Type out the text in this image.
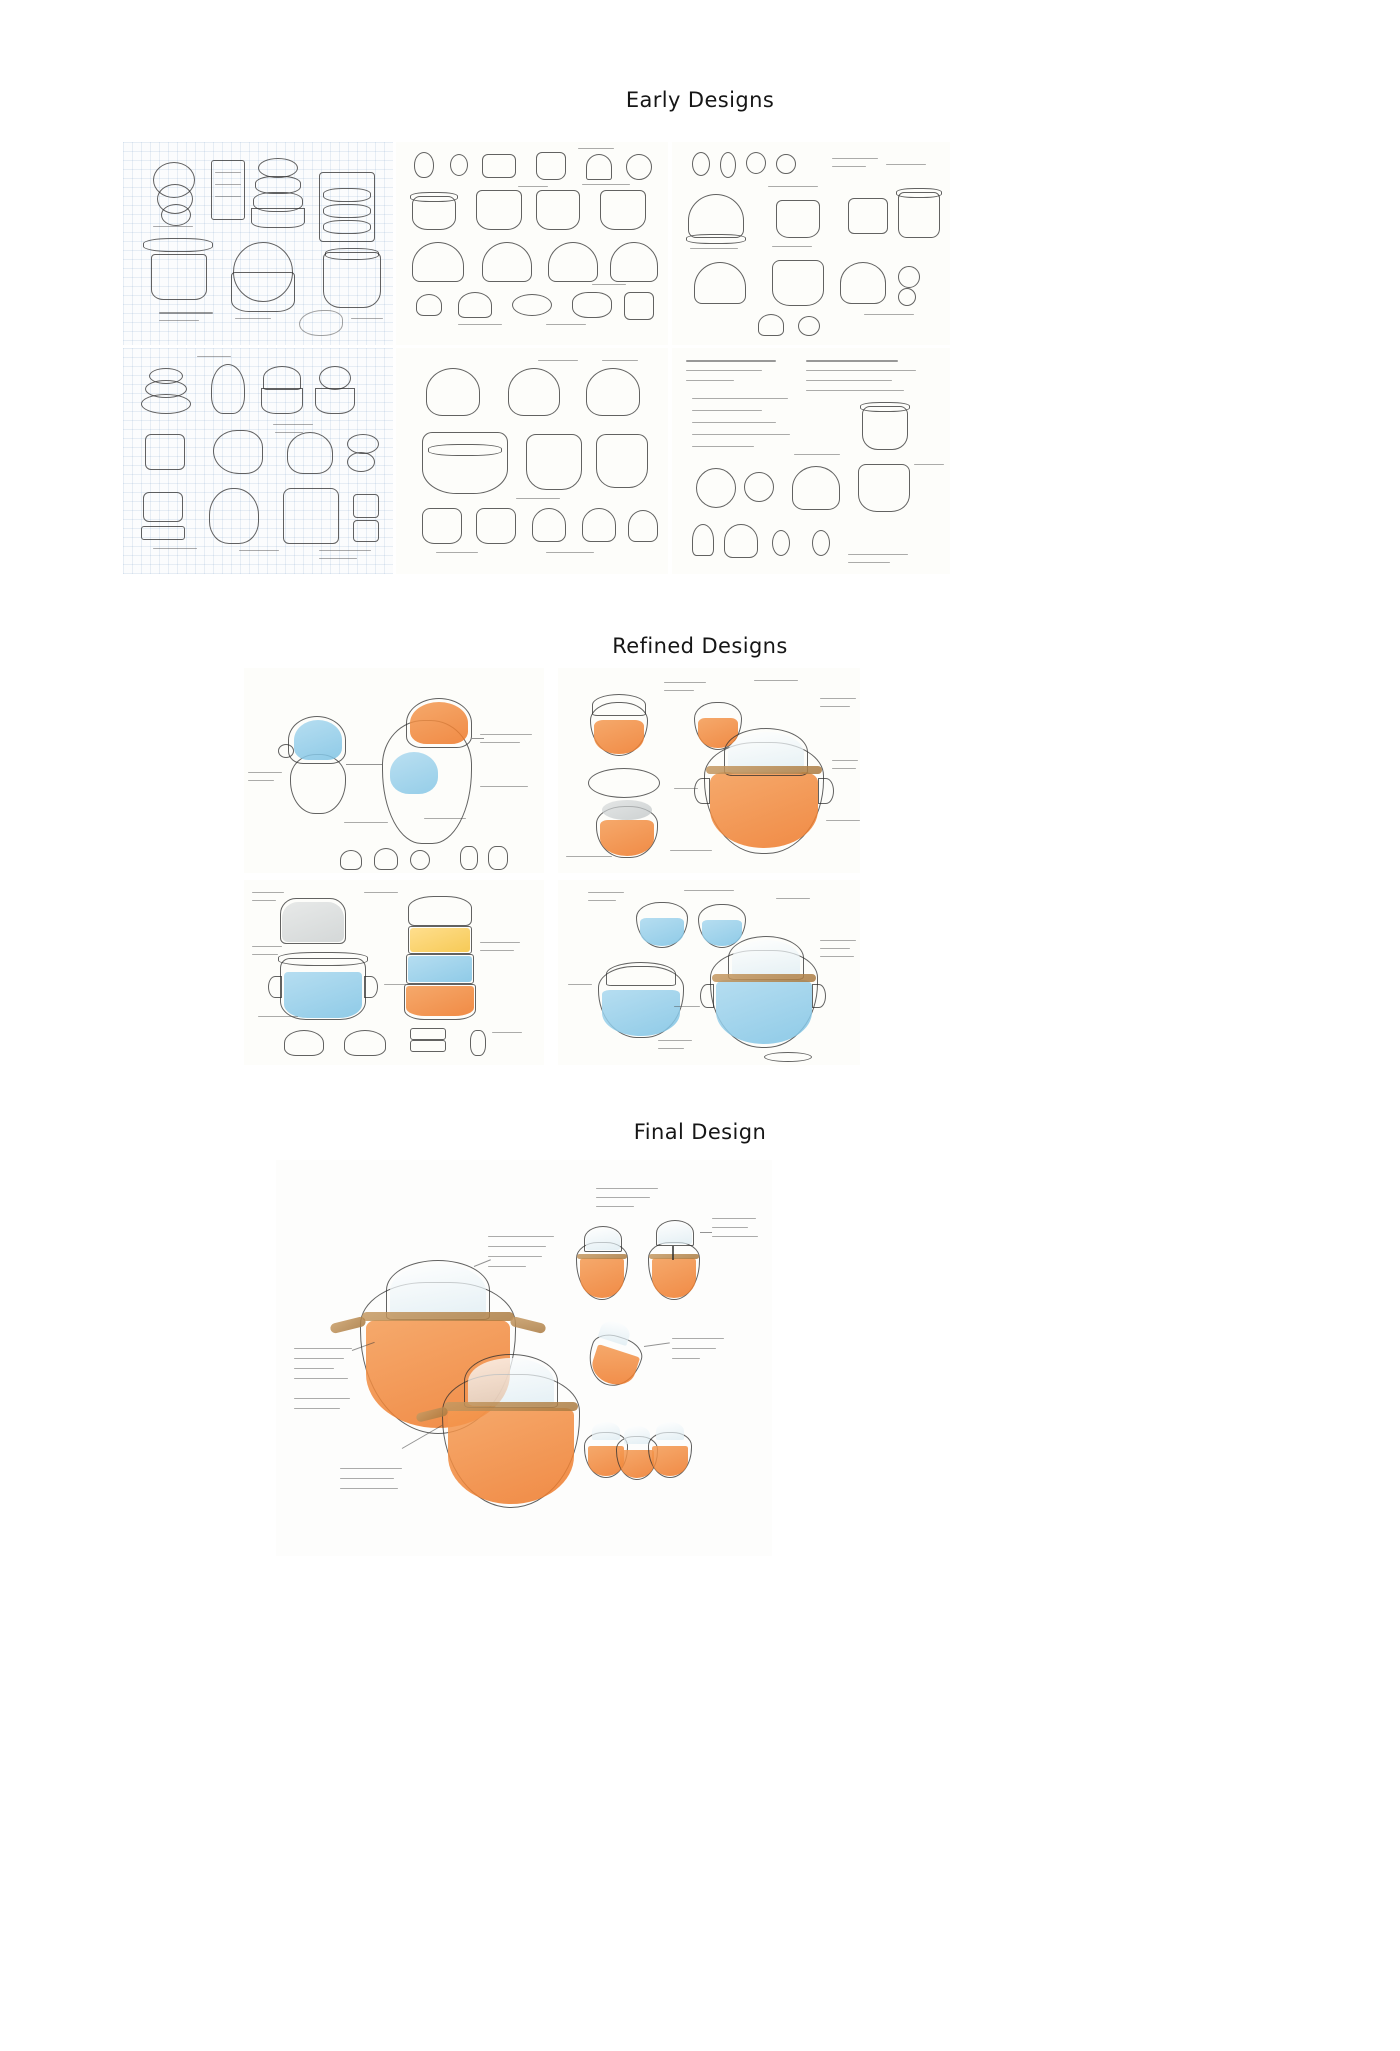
Early Designs
Refined Designs
Final Design
